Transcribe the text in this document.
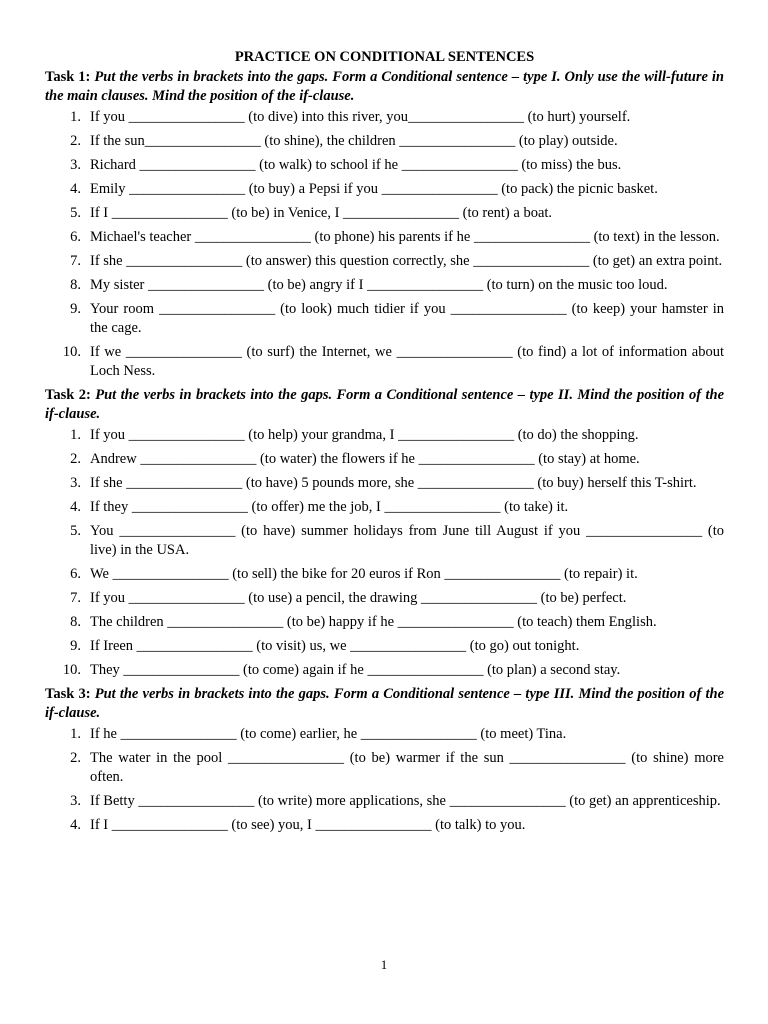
PRACTICE ON CONDITIONAL SENTENCES
Task 1: Put the verbs in brackets into the gaps. Form a Conditional sentence – type I. Only use the will-future in the main clauses. Mind the position of the if-clause.
1. If you ________________ (to dive) into this river, you________________ (to hurt) yourself.
2. If the sun________________ (to shine), the children ________________ (to play) outside.
3. Richard ________________ (to walk) to school if he ________________ (to miss) the bus.
4. Emily ________________ (to buy) a Pepsi if you ________________ (to pack) the picnic basket.
5. If I ________________ (to be) in Venice, I ________________ (to rent) a boat.
6. Michael's teacher ________________ (to phone) his parents if he ________________ (to text) in the lesson.
7. If she ________________ (to answer) this question correctly, she ________________ (to get) an extra point.
8. My sister ________________ (to be) angry if I ________________ (to turn) on the music too loud.
9. Your room ________________ (to look) much tidier if you ________________ (to keep) your hamster in the cage.
10. If we ________________ (to surf) the Internet, we ________________ (to find) a lot of information about Loch Ness.
Task 2: Put the verbs in brackets into the gaps. Form a Conditional sentence – type II. Mind the position of the if-clause.
1. If you ________________ (to help) your grandma, I ________________ (to do) the shopping.
2. Andrew ________________ (to water) the flowers if he ________________ (to stay) at home.
3. If she ________________ (to have) 5 pounds more, she ________________ (to buy) herself this T-shirt.
4. If they ________________ (to offer) me the job, I ________________ (to take) it.
5. You ________________ (to have) summer holidays from June till August if you ________________ (to live) in the USA.
6. We ________________ (to sell) the bike for 20 euros if Ron ________________ (to repair) it.
7. If you ________________ (to use) a pencil, the drawing ________________ (to be) perfect.
8. The children ________________ (to be) happy if he ________________ (to teach) them English.
9. If Ireen ________________ (to visit) us, we ________________ (to go) out tonight.
10. They ________________ (to come) again if he ________________ (to plan) a second stay.
Task 3: Put the verbs in brackets into the gaps. Form a Conditional sentence – type III. Mind the position of the if-clause.
1. If he ________________ (to come) earlier, he ________________ (to meet) Tina.
2. The water in the pool ________________ (to be) warmer if the sun ________________ (to shine) more often.
3. If Betty ________________ (to write) more applications, she ________________ (to get) an apprenticeship.
4. If I ________________ (to see) you, I ________________ (to talk) to you.
1
